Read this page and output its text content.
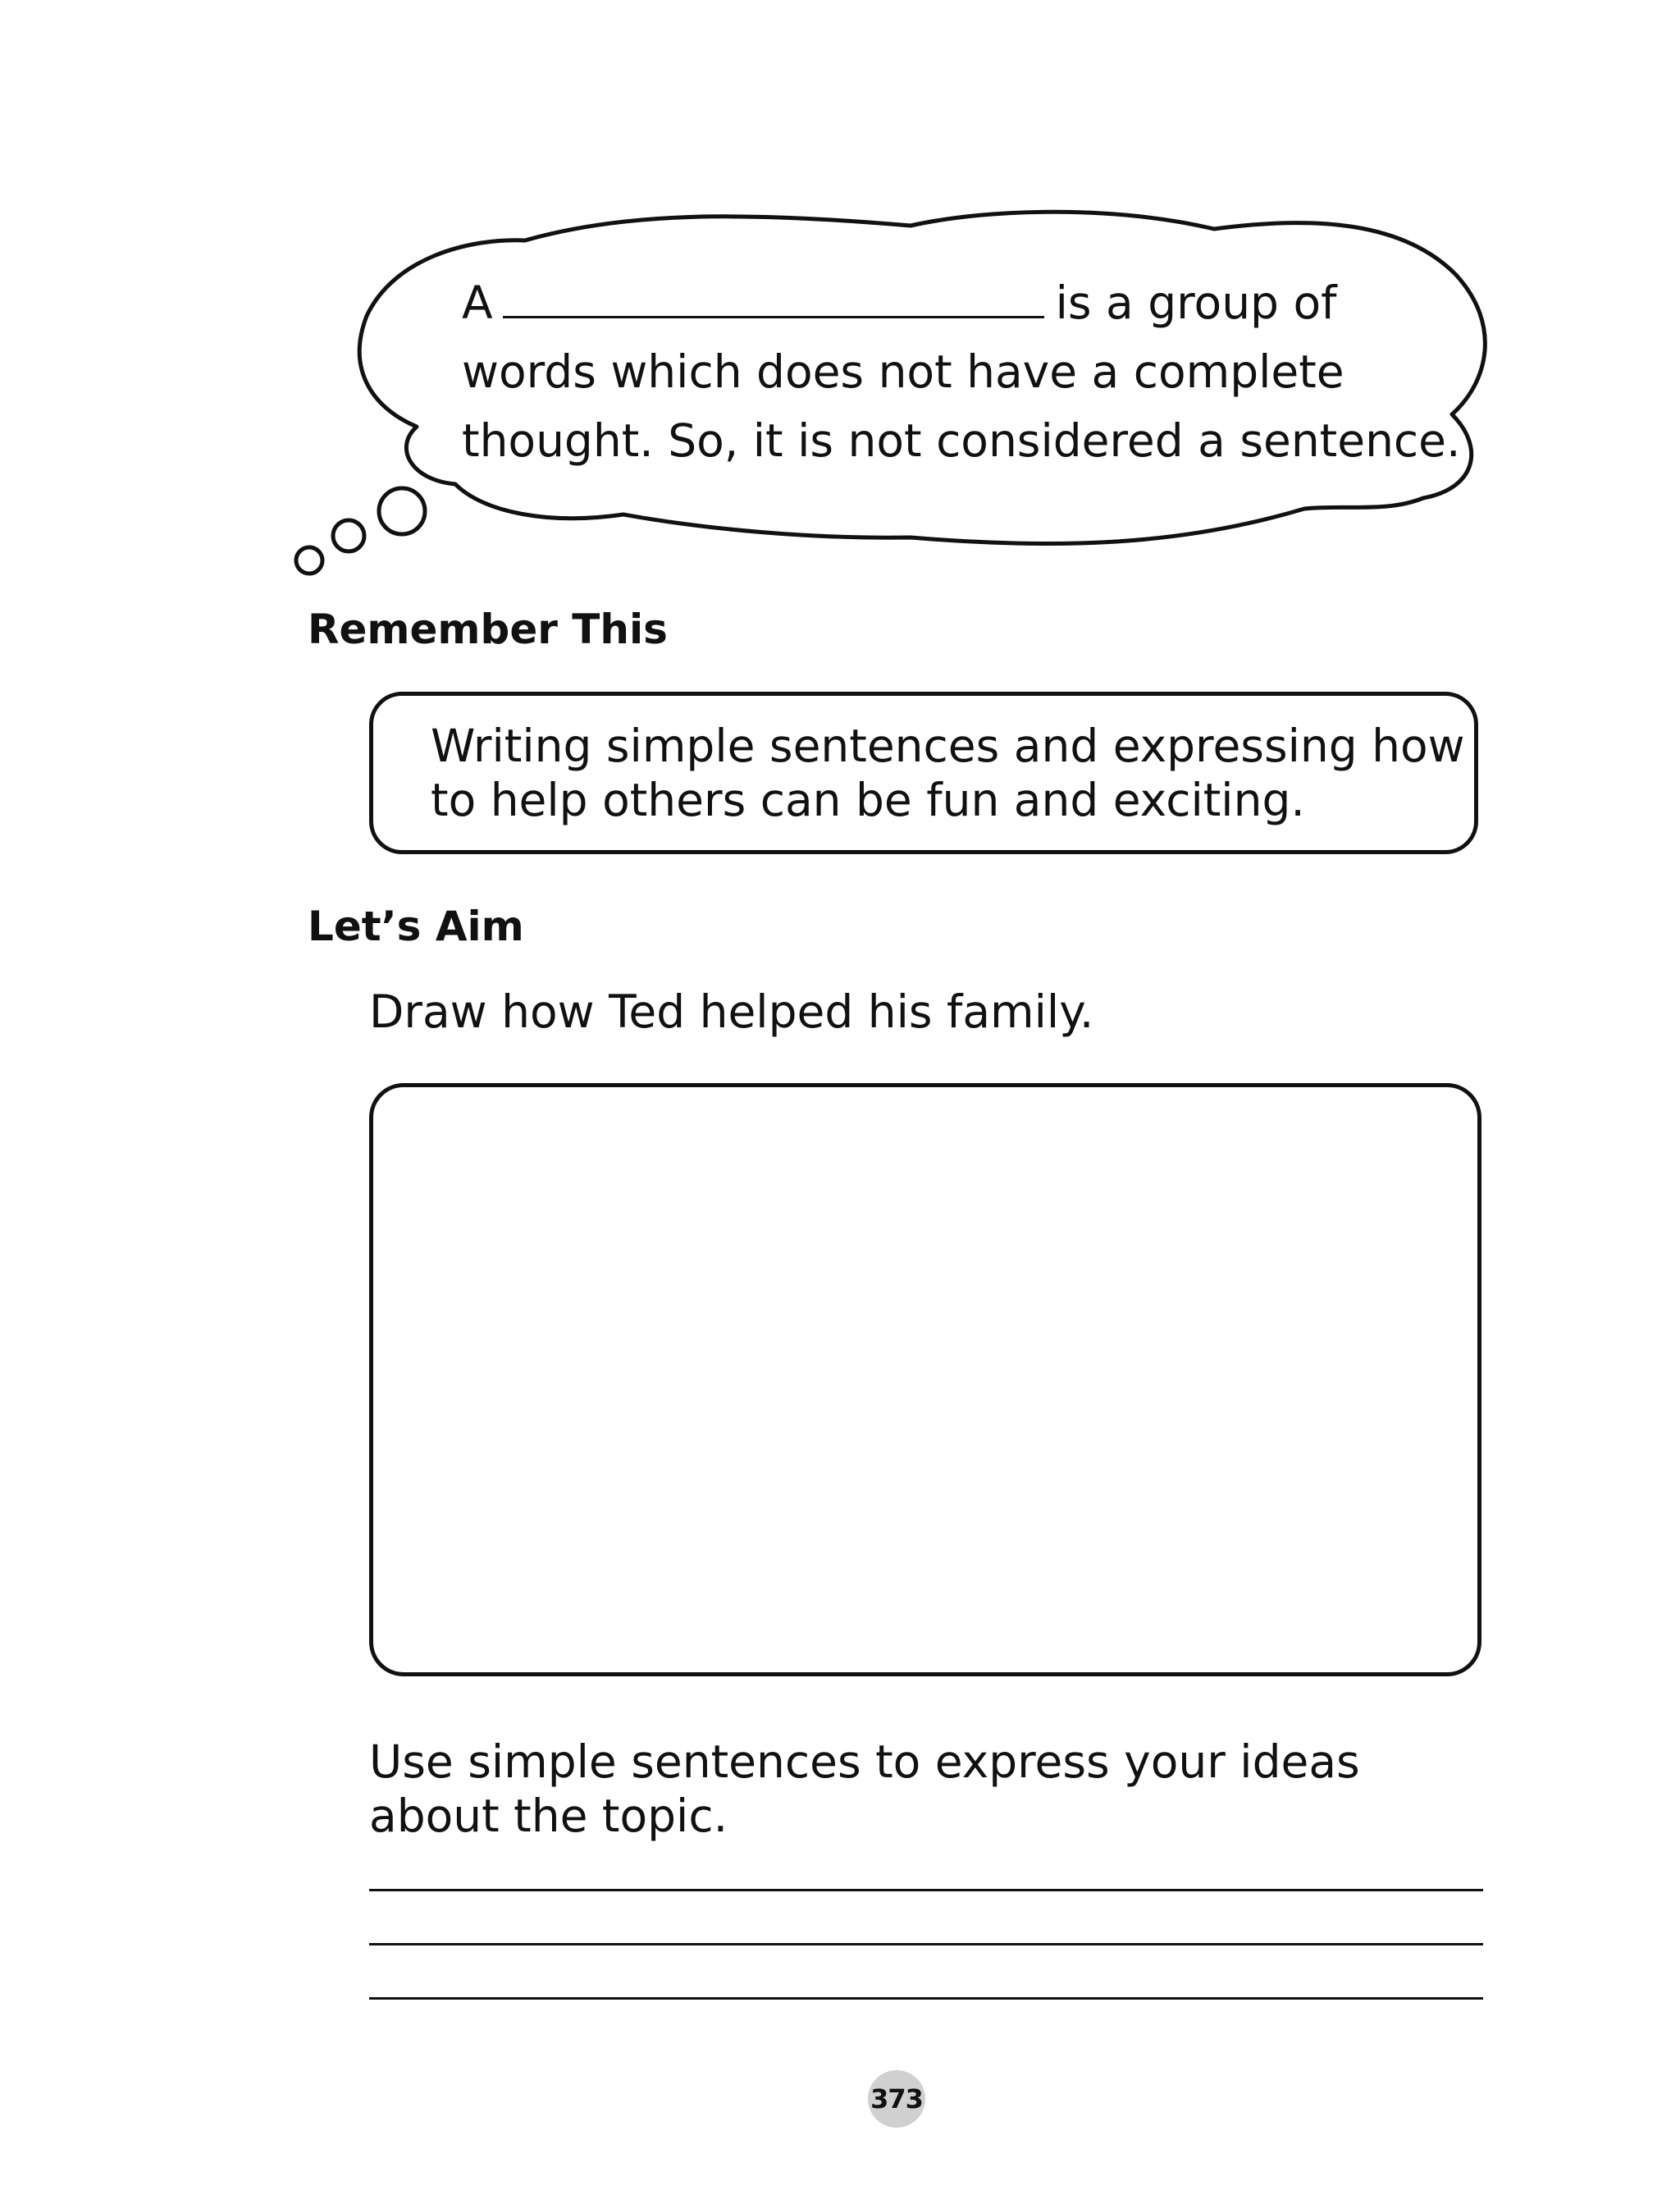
A	is a group of
words which does not have a complete
thought. So, it is not considered a sentence.
Remember This
Writing simple sentences and expressing how
to help others can be fun and exciting.
Let’s Aim
Draw how Ted helped his family.
Use simple sentences to express your ideas
about the topic.
373
